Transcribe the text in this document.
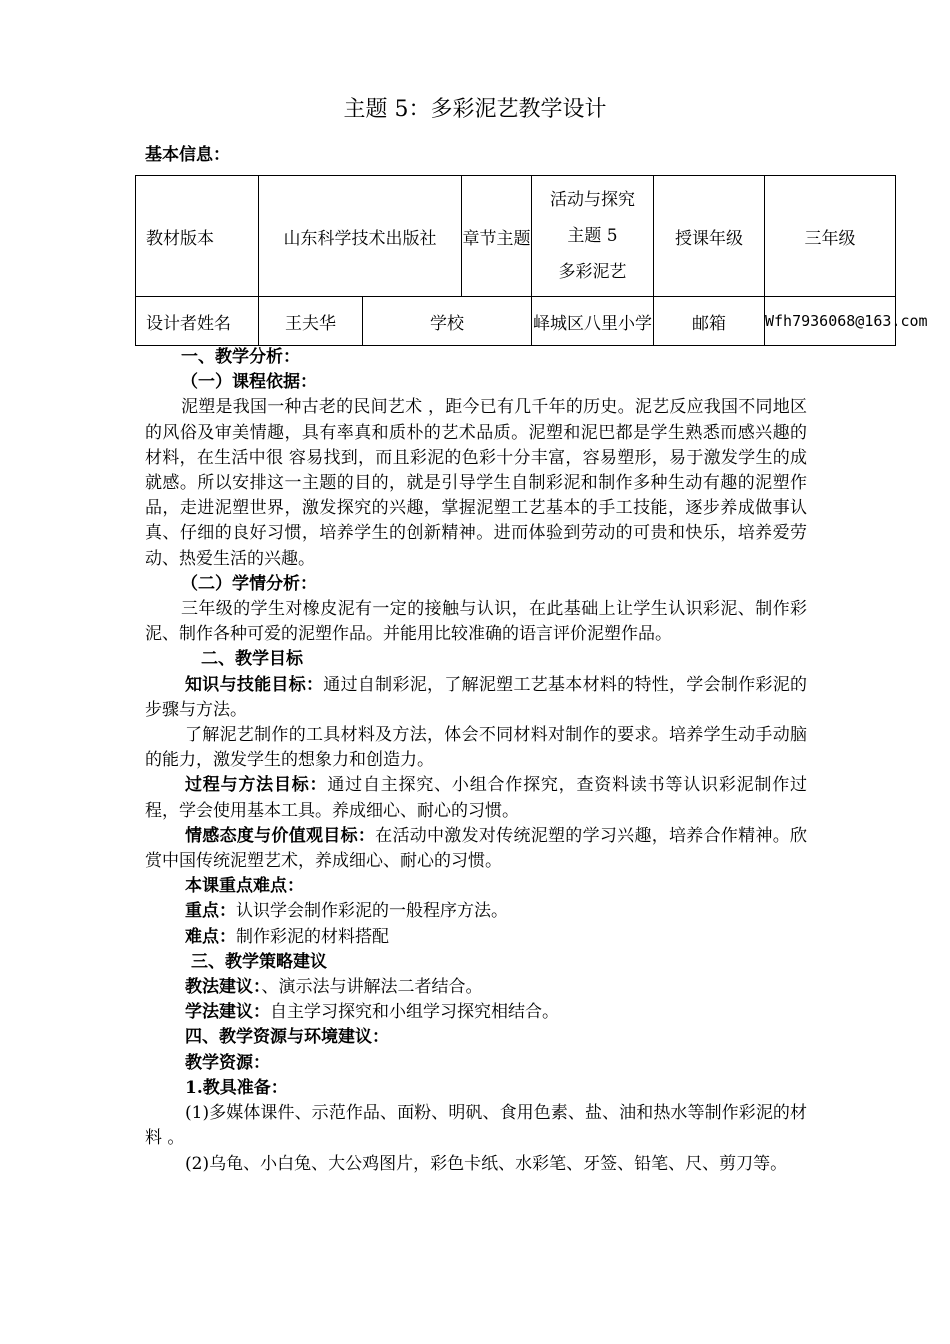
主题 5：多彩泥艺教学设计
基本信息：
教材版本	山东科学技术出版社		章节主题	活动与探究
主题 5
多彩泥艺	授课年级	三年级
设计者姓名	王夫华	学校		峄城区八里小学	邮箱	Wfh7936068@163.com

一、教学分析：

（一）课程依据：

泥塑是我国一种古老的民间艺术 ，距今已有几千年的历史。泥艺反应我国不同地区的风俗及审美情趣，具有率真和质朴的艺术品质。泥塑和泥巴都是学生熟悉而感兴趣的材料，在生活中很 容易找到，而且彩泥的色彩十分丰富，容易塑形，易于激发学生的成就感。所以安排这一主题的目的，就是引导学生自制彩泥和制作多种生动有趣的泥塑作品，走进泥塑世界，激发探究的兴趣，掌握泥塑工艺基本的手工技能，逐步养成做事认真、仔细的良好习惯，培养学生的创新精神。进而体验到劳动的可贵和快乐，培养爱劳动、热爱生活的兴趣。

（二）学情分析：

三年级的学生对橡皮泥有一定的接触与认识，在此基础上让学生认识彩泥、制作彩泥、制作各种可爱的泥塑作品。并能用比较准确的语言评价泥塑作品。

二、教学目标

知识与技能目标：通过自制彩泥，了解泥塑工艺基本材料的特性，学会制作彩泥的步骤与方法。

了解泥艺制作的工具材料及方法，体会不同材料对制作的要求。培养学生动手动脑的能力，激发学生的想象力和创造力。

过程与方法目标：通过自主探究、小组合作探究，查资料读书等认识彩泥制作过程，学会使用基本工具。养成细心、耐心的习惯。

情感态度与价值观目标：在活动中激发对传统泥塑的学习兴趣，培养合作精神。欣赏中国传统泥塑艺术，养成细心、耐心的习惯。

本课重点难点：

重点：认识学会制作彩泥的一般程序方法。

难点：制作彩泥的材料搭配

三、教学策略建议

教法建议：、演示法与讲解法二者结合。

学法建议：自主学习探究和小组学习探究相结合。

四、教学资源与环境建议：

教学资源：

1.教具准备：

(1)多媒体课件、示范作品、面粉、明矾、食用色素、盐、油和热水等制作彩泥的材料 。

(2)乌龟、小白兔、大公鸡图片，彩色卡纸、水彩笔、牙签、铅笔、尺、剪刀等。
